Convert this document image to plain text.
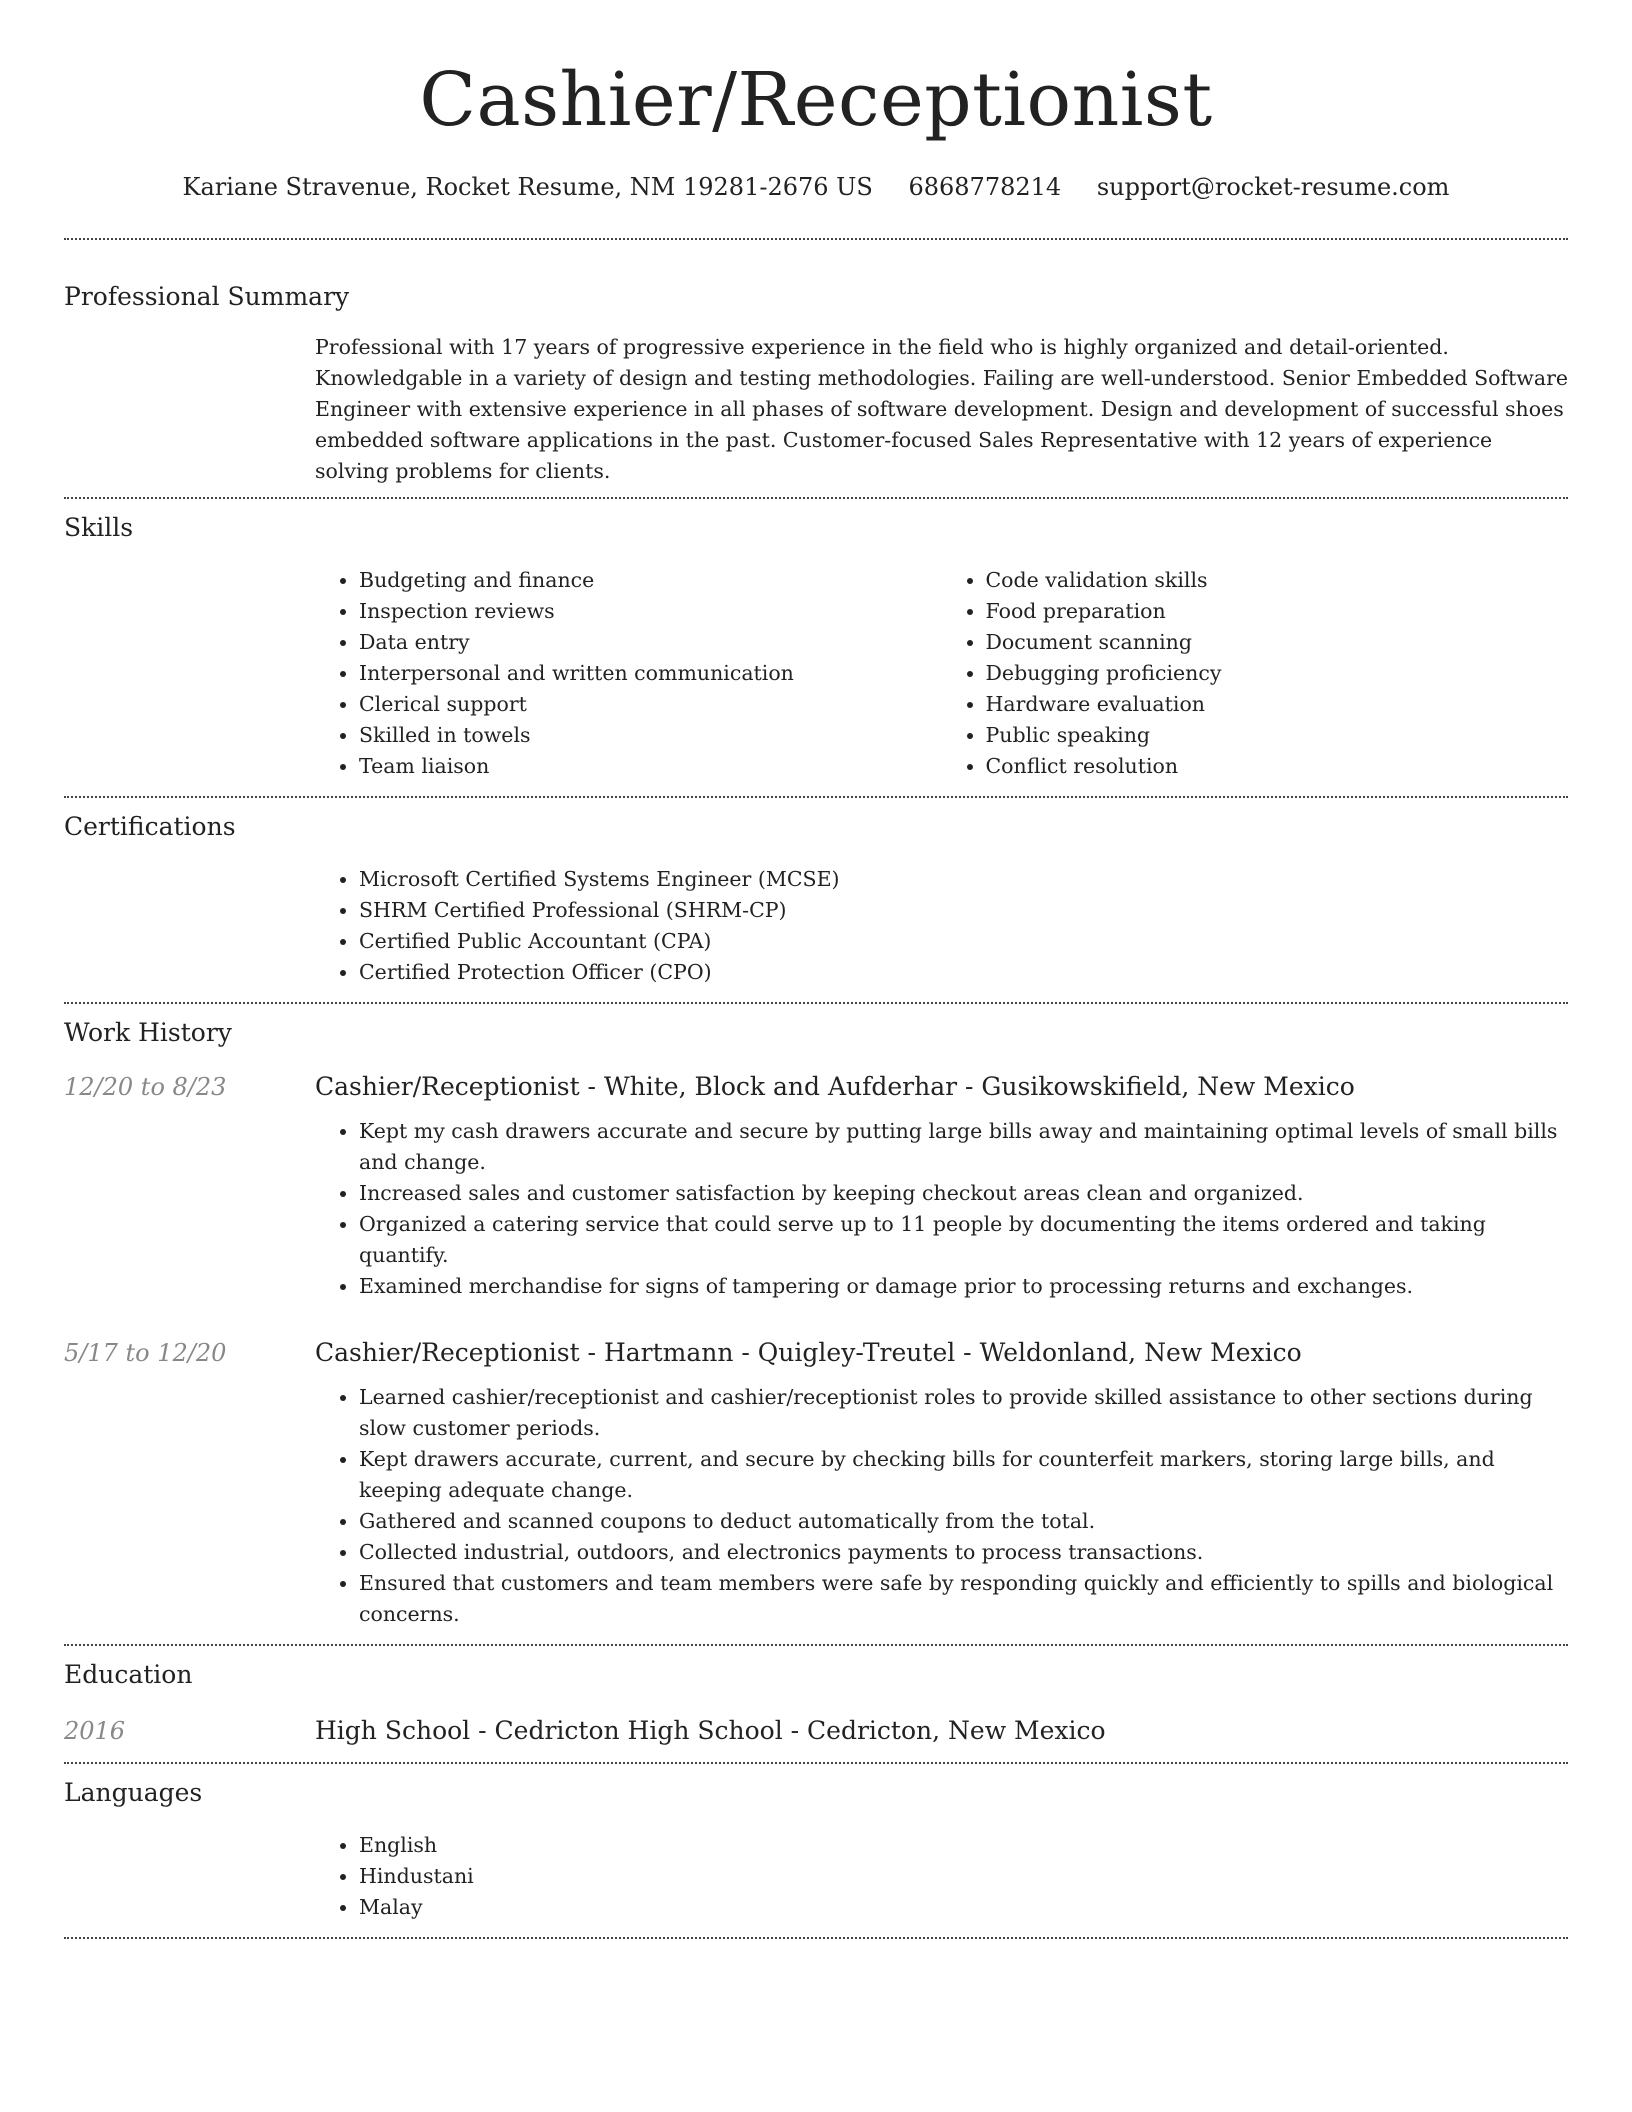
Cashier/Receptionist
Kariane Stravenue, Rocket Resume, NM 19281-2676 US 6868778214 support@rocket-resume.com
Professional Summary

Professional with 17 years of progressive experience in the field who is highly organized and detail-oriented. Knowledgable in a variety of design and testing methodologies. Failing are well-understood. Senior Embedded Software Engineer with extensive experience in all phases of software development. Design and development of successful shoes embedded software applications in the past. Customer-focused Sales Representative with 12 years of experience solving problems for clients.

Skills
• Budgeting and finance
• Inspection reviews
• Data entry
• Interpersonal and written communication
• Clerical support
• Skilled in towels
• Team liaison
• Code validation skills
• Food preparation
• Document scanning
• Debugging proficiency
• Hardware evaluation
• Public speaking
• Conflict resolution
Certifications
• Microsoft Certified Systems Engineer (MCSE)
• SHRM Certified Professional (SHRM-CP)
• Certified Public Accountant (CPA)
• Certified Protection Officer (CPO)
Work History
12/20 to 8/23	Cashier/Receptionist - White, Block and Aufderhar - Gusikowskifield, New Mexico
• Kept my cash drawers accurate and secure by putting large bills away and maintaining optimal levels of small bills and change.
• Increased sales and customer satisfaction by keeping checkout areas clean and organized.
• Organized a catering service that could serve up to 11 people by documenting the items ordered and taking quantify.
• Examined merchandise for signs of tampering or damage prior to processing returns and exchanges.
5/17 to 12/20	Cashier/Receptionist - Hartmann - Quigley-Treutel - Weldonland, New Mexico
• Learned cashier/receptionist and cashier/receptionist roles to provide skilled assistance to other sections during slow customer periods.
• Kept drawers accurate, current, and secure by checking bills for counterfeit markers, storing large bills, and keeping adequate change.
• Gathered and scanned coupons to deduct automatically from the total.
• Collected industrial, outdoors, and electronics payments to process transactions.
• Ensured that customers and team members were safe by responding quickly and efficiently to spills and biological concerns.
Education
2016	High School - Cedricton High School - Cedricton, New Mexico
Languages
• English
• Hindustani
• Malay
